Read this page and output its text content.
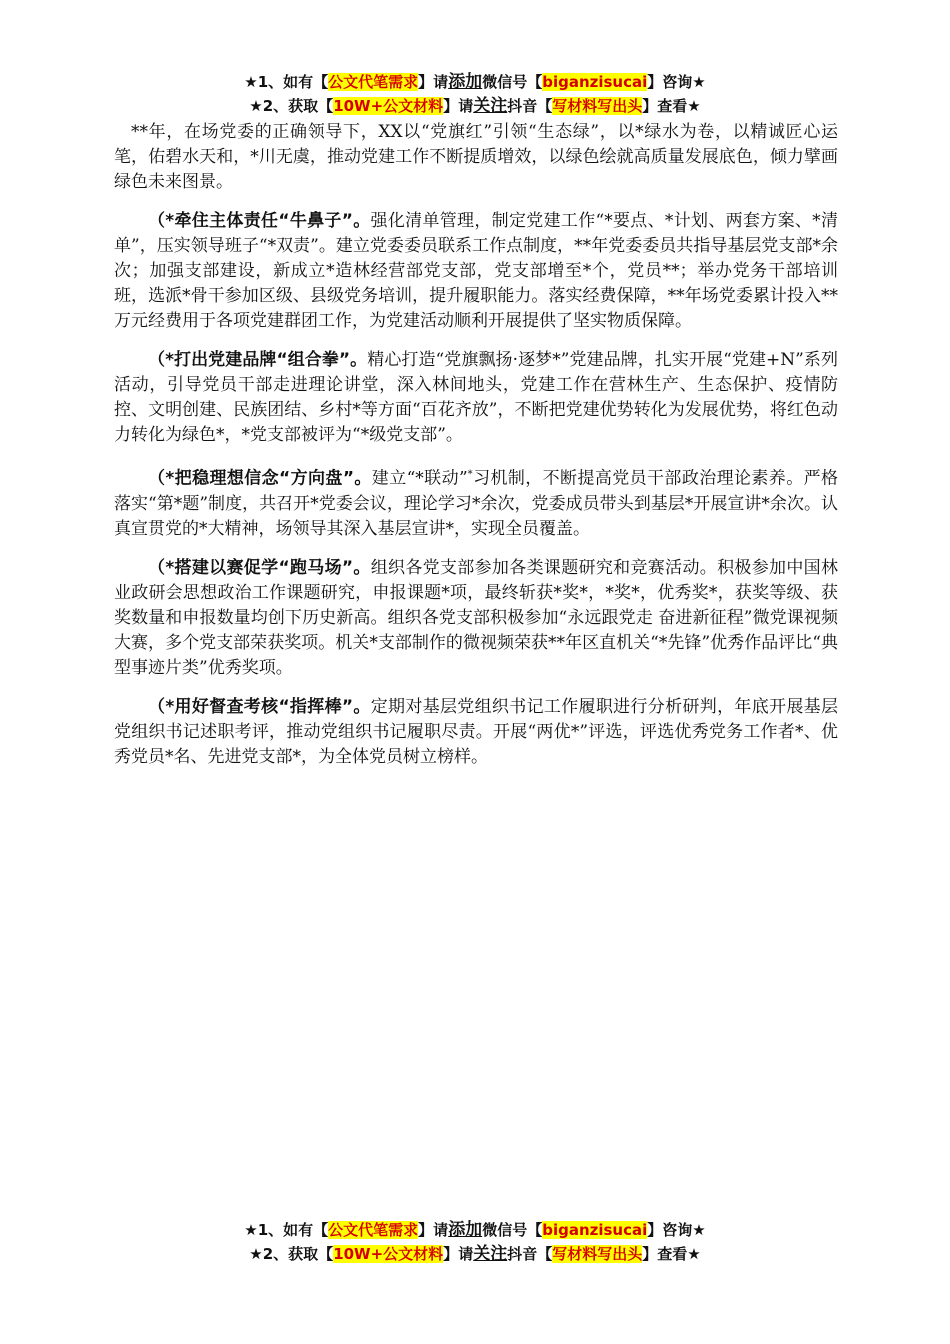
★1、如有【公文代笔需求】请添加微信号【biganzisucai】咨询★
★2、获取【10W+公文材料】请关注抖音【写材料写出头】查看★

**年，在场党委的正确领导下，XX以“党旗红”引领“生态绿”，以*绿水为卷，以精诚匠心运笔，佑碧水天和，*川无虞，推动党建工作不断提质增效，以绿色绘就高质量发展底色，倾力擘画绿色未来图景。

（*牵住主体责任“牛鼻子”。强化清单管理，制定党建工作“*要点、*计划、两套方案、*清单”，压实领导班子“*双责”。建立党委委员联系工作点制度，**年党委委员共指导基层党支部*余次；加强支部建设，新成立*造林经营部党支部，党支部增至*个，党员**；举办党务干部培训班，选派*骨干参加区级、县级党务培训，提升履职能力。落实经费保障，**年场党委累计投入**万元经费用于各项党建群团工作，为党建活动顺利开展提供了坚实物质保障。

（*打出党建品牌“组合拳”。精心打造“党旗飘扬·逐梦*”党建品牌，扎实开展“党建+N”系列活动，引导党员干部走进理论讲堂，深入林间地头，党建工作在营林生产、生态保护、疫情防控、文明创建、民族团结、乡村*等方面“百花齐放”，不断把党建优势转化为发展优势，将红色动力转化为绿色*，*党支部被评为“*级党支部”。

（*把稳理想信念“方向盘”。建立“*联动”*习机制，不断提高党员干部政治理论素养。严格落实“第*题”制度，共召开*党委会议，理论学习*余次，党委成员带头到基层*开展宣讲*余次。认真宣贯党的*大精神，场领导其深入基层宣讲*，实现全员覆盖。

（*搭建以赛促学“跑马场”。组织各党支部参加各类课题研究和竞赛活动。积极参加中国林业政研会思想政治工作课题研究，申报课题*项，最终斩获*奖*，*奖*，优秀奖*，获奖等级、获奖数量和申报数量均创下历史新高。组织各党支部积极参加“永远跟党走 奋进新征程”微党课视频大赛，多个党支部荣获奖项。机关*支部制作的微视频荣获**年区直机关“*先锋”优秀作品评比“典型事迹片类”优秀奖项。

（*用好督查考核“指挥棒”。定期对基层党组织书记工作履职进行分析研判，年底开展基层党组织书记述职考评，推动党组织书记履职尽责。开展“两优*”评选，评选优秀党务工作者*、优秀党员*名、先进党支部*，为全体党员树立榜样。

★1、如有【公文代笔需求】请添加微信号【biganzisucai】咨询★
★2、获取【10W+公文材料】请关注抖音【写材料写出头】查看★
